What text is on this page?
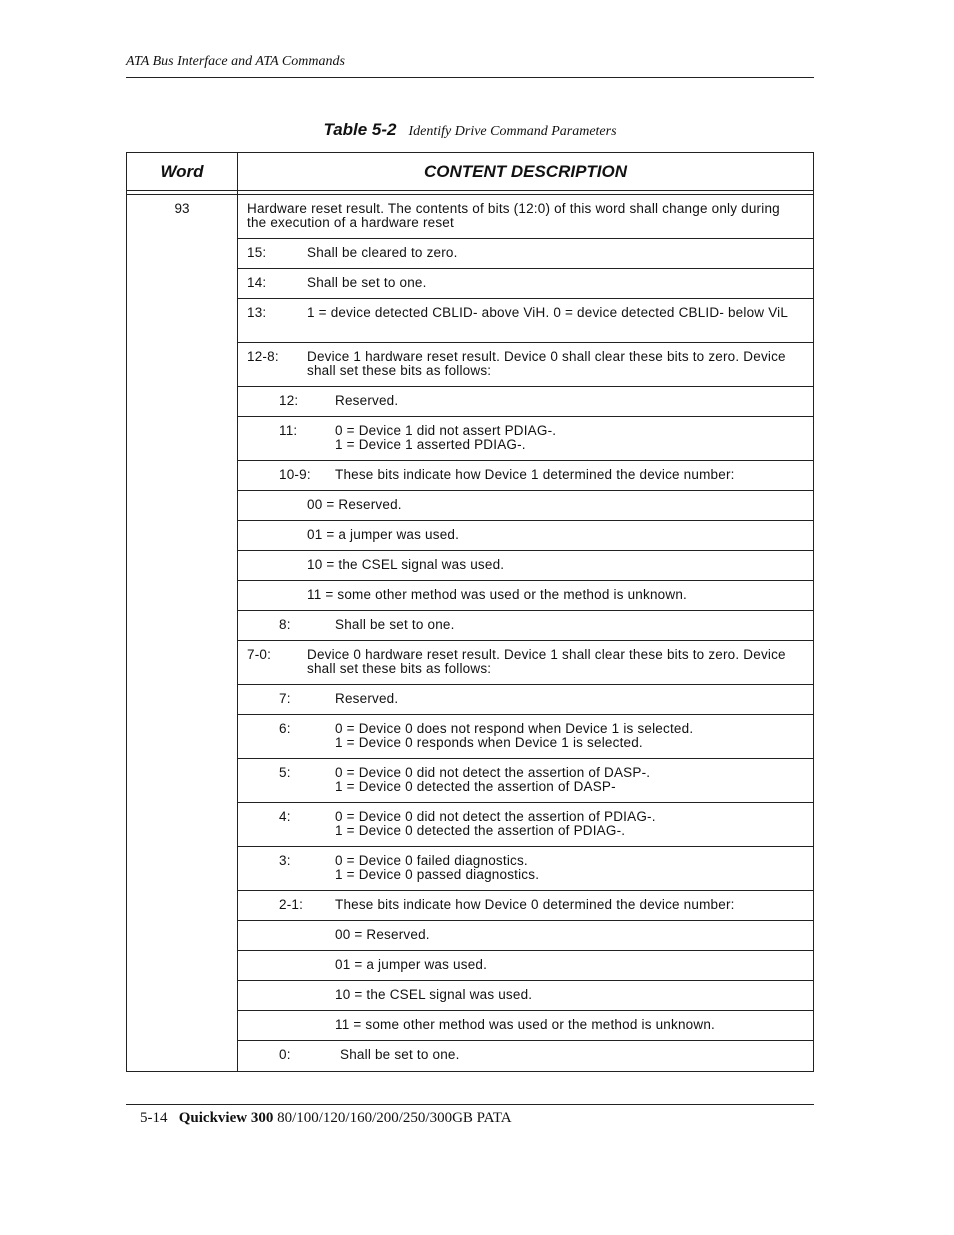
ATA Bus Interface and ATA Commands
Table 5-2 Identify Drive Command Parameters
Word	CONTENT DESCRIPTION
93	Hardware reset result. The contents of bits (12:0) of this word shall change only during the execution of a hardware reset
15:	Shall be cleared to zero.
14:	Shall be set to one.
13:	1 = device detected CBLID- above ViH. 0 = device detected CBLID- below ViL
12-8: Device 1 hardware reset result. Device 0 shall clear these bits to zero. Device shall set these bits as follows:
12:	Reserved.
11:	0 = Device 1 did not assert PDIAG-.
1 = Device 1 asserted PDIAG-.
10-9: These bits indicate how Device 1 determined the device number:
00 = Reserved.
01 = a jumper was used.
10 = the CSEL signal was used.
11 = some other method was used or the method is unknown.
8:	Shall be set to one.
7-0:	Device 0 hardware reset result. Device 1 shall clear these bits to zero. Device shall set these bits as follows:
7:	Reserved.
6:	0 = Device 0 does not respond when Device 1 is selected.
1 = Device 0 responds when Device 1 is selected.
5:	0 = Device 0 did not detect the assertion of DASP-.
1 = Device 0 detected the assertion of DASP-
4:	0 = Device 0 did not detect the assertion of PDIAG-.
1 = Device 0 detected the assertion of PDIAG-.
3:	0 = Device 0 failed diagnostics.
1 = Device 0 passed diagnostics.
2-1: These bits indicate how Device 0 determined the device number:
00 = Reserved.
01 = a jumper was used.
10 = the CSEL signal was used.
11 = some other method was used or the method is unknown.
0:	Shall be set to one.
5-14 Quickview 300 80/100/120/160/200/250/300GB PATA
